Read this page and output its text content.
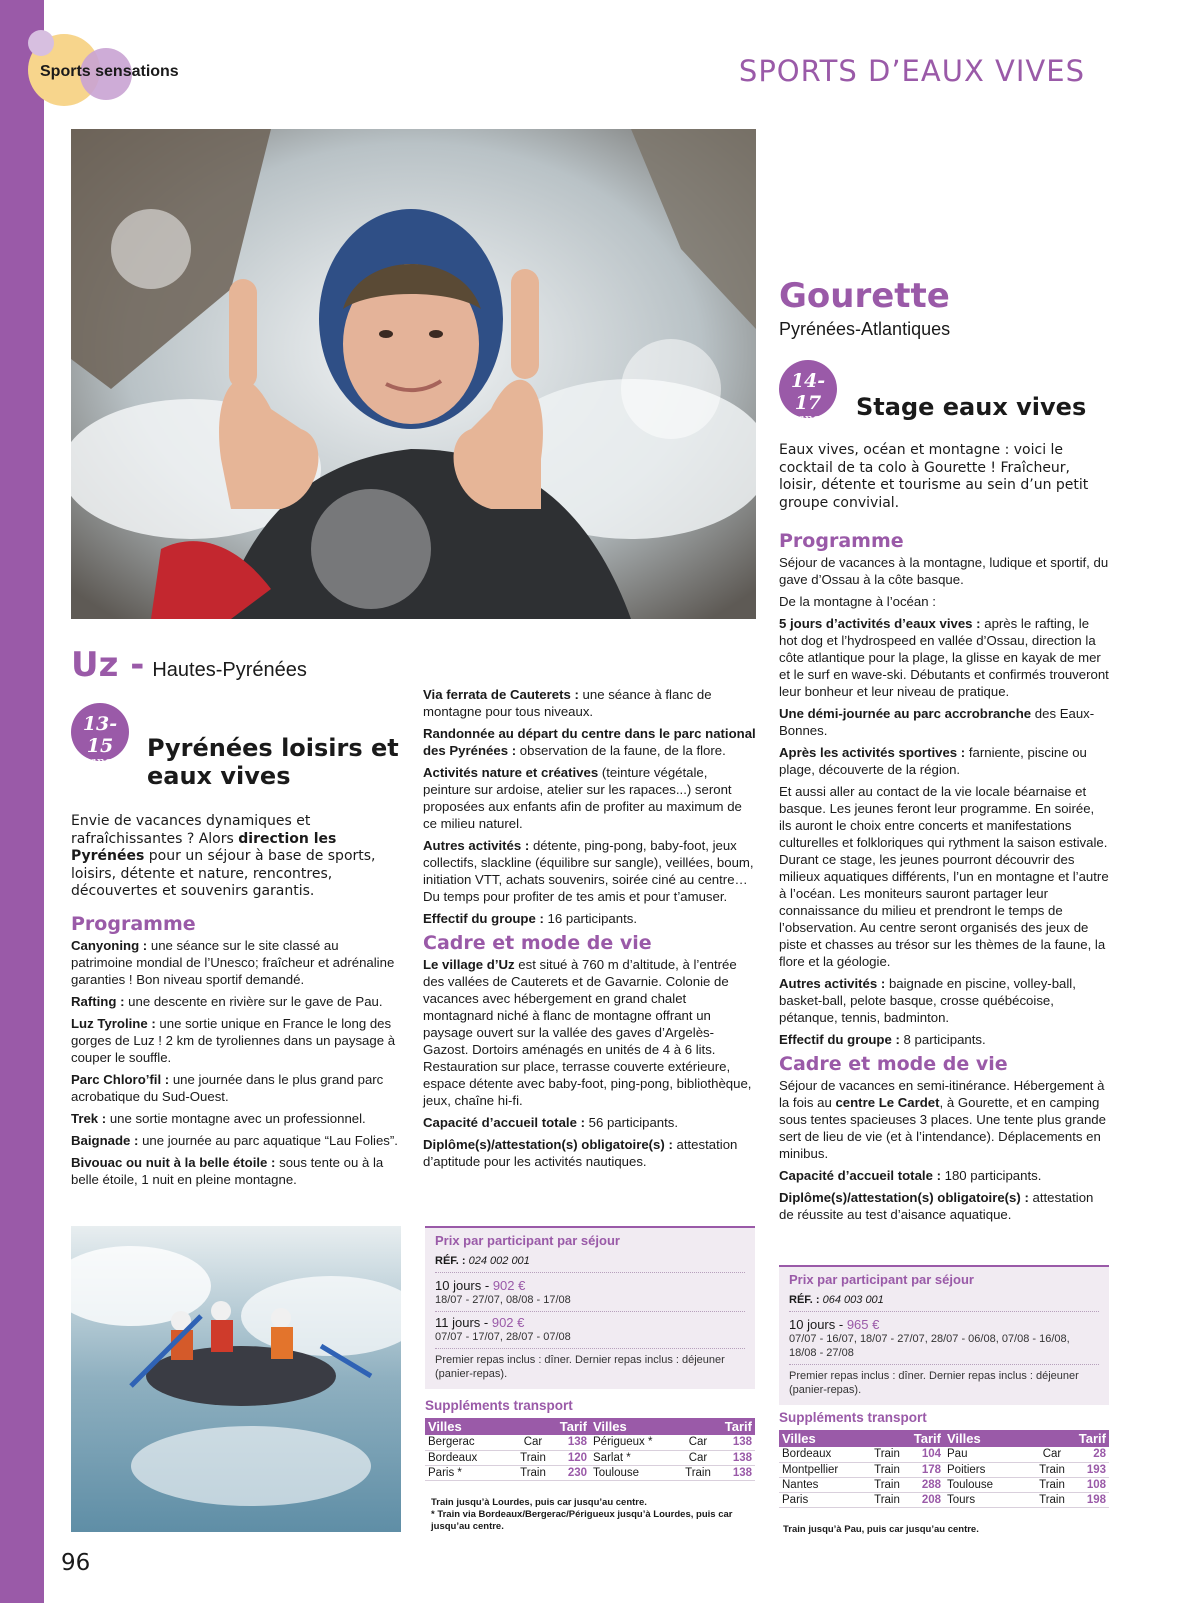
Sports sensations	SPORTS D’EAUX VIVES
Uz - Hautes-Pyrénées
13-15
ans
Pyrénées loisirs et eaux vives
Envie de vacances dynamiques et rafraîchissantes ? Alors direction les Pyrénées pour un séjour à base de sports, loisirs, détente et nature, rencontres, découvertes et souvenirs garantis.
Programme

Canyoning : une séance sur le site classé au patrimoine mondial de l’Unesco; fraîcheur et adrénaline garanties ! Bon niveau sportif demandé.

Rafting : une descente en rivière sur le gave de Pau.

Luz Tyroline : une sortie unique en France le long des gorges de Luz ! 2 km de tyroliennes dans un paysage à couper le souffle.

Parc Chloro’fil : une journée dans le plus grand parc acrobatique du Sud-Ouest.

Trek : une sortie montagne avec un professionnel.

Baignade : une journée au parc aquatique “Lau Folies”.

Bivouac ou nuit à la belle étoile : sous tente ou à la belle étoile, 1 nuit en pleine montagne.

Via ferrata de Cauterets : une séance à flanc de montagne pour tous niveaux.

Randonnée au départ du centre dans le parc national des Pyrénées : observation de la faune, de la flore.

Activités nature et créatives (teinture végétale, peinture sur ardoise, atelier sur les rapaces...) seront proposées aux enfants afin de profiter au maximum de ce milieu naturel.

Autres activités : détente, ping-pong, baby-foot, jeux collectifs, slackline (équilibre sur sangle), veillées, boum, initiation VTT, achats souvenirs, soirée ciné au centre… Du temps pour profiter de tes amis et pour t’amuser.

Effectif du groupe : 16 participants.

Cadre et mode de vie

Le village d’Uz est situé à 760 m d’altitude, à l’entrée des vallées de Cauterets et de Gavarnie. Colonie de vacances avec hébergement en grand chalet montagnard niché à flanc de montagne offrant un paysage ouvert sur la vallée des gaves d’Argelès-Gazost. Dortoirs aménagés en unités de 4 à 6 lits. Restauration sur place, terrasse couverte extérieure, espace détente avec baby-foot, ping-pong, bibliothèque, jeux, chaîne hi-fi.

Capacité d’accueil totale : 56 participants.

Diplôme(s)/attestation(s) obligatoire(s) : attestation d’aptitude pour les activités nautiques.

Prix par participant par séjour
RÉF. : 024 002 001
10 jours - 902 €
18/07 - 27/07, 08/08 - 17/08
11 jours - 902 €
07/07 - 17/07, 28/07 - 07/08
Premier repas inclus : dîner. Dernier repas inclus : déjeuner (panier-repas).
Suppléments transport
Villes		Tarif	Villes		Tarif
Bergerac	Car	138	Périgueux *	Car	138
Bordeaux	Train	120	Sarlat *	Car	138
Paris *	Train	230	Toulouse	Train	138
Train jusqu’à Lourdes, puis car jusqu’au centre.
* Train via Bordeaux/Bergerac/Périgueux jusqu’à Lourdes, puis car jusqu’au centre.
Gourette
Pyrénées-Atlantiques
14-17
ans	Stage eaux vives
Eaux vives, océan et montagne : voici le cocktail de ta colo à Gourette ! Fraîcheur, loisir, détente et tourisme au sein d’un petit groupe convivial.
Programme

Séjour de vacances à la montagne, ludique et sportif, du gave d’Ossau à la côte basque.

De la montagne à l’océan :

5 jours d’activités d’eaux vives : après le rafting, le hot dog et l’hydrospeed en vallée d’Ossau, direction la côte atlantique pour la plage, la glisse en kayak de mer et le surf en wave-ski. Débutants et confirmés trouveront leur bonheur et leur niveau de pratique.

Une démi-journée au parc accrobranche des Eaux-Bonnes.

Après les activités sportives : farniente, piscine ou plage, découverte de la région.

Et aussi aller au contact de la vie locale béarnaise et basque. Les jeunes feront leur programme. En soirée, ils auront le choix entre concerts et manifestations culturelles et folkloriques qui rythment la saison estivale. Durant ce stage, les jeunes pourront découvrir des milieux aquatiques différents, l’un en montagne et l’autre à l’océan. Les moniteurs sauront partager leur connaissance du milieu et prendront le temps de l’observation. Au centre seront organisés des jeux de piste et chasses au trésor sur les thèmes de la faune, la flore et la géologie.

Autres activités : baignade en piscine, volley-ball, basket-ball, pelote basque, crosse québécoise, pétanque, tennis, badminton.

Effectif du groupe : 8 participants.

Cadre et mode de vie

Séjour de vacances en semi-itinérance. Hébergement à la fois au centre Le Cardet, à Gourette, et en camping sous tentes spacieuses 3 places. Une tente plus grande sert de lieu de vie (et à l’intendance). Déplacements en minibus.

Capacité d’accueil totale : 180 participants.

Diplôme(s)/attestation(s) obligatoire(s) : attestation de réussite au test d’aisance aquatique.

Prix par participant par séjour
RÉF. : 064 003 001
10 jours - 965 €
07/07 - 16/07, 18/07 - 27/07, 28/07 - 06/08, 07/08 - 16/08, 18/08 - 27/08
Premier repas inclus : dîner. Dernier repas inclus : déjeuner (panier-repas).
Suppléments transport
Villes		Tarif	Villes		Tarif
Bordeaux	Train	104	Pau	Car	28
Montpellier	Train	178	Poitiers	Train	193
Nantes	Train	288	Toulouse	Train	108
Paris	Train	208	Tours	Train	198
Train jusqu’à Pau, puis car jusqu’au centre.
96
